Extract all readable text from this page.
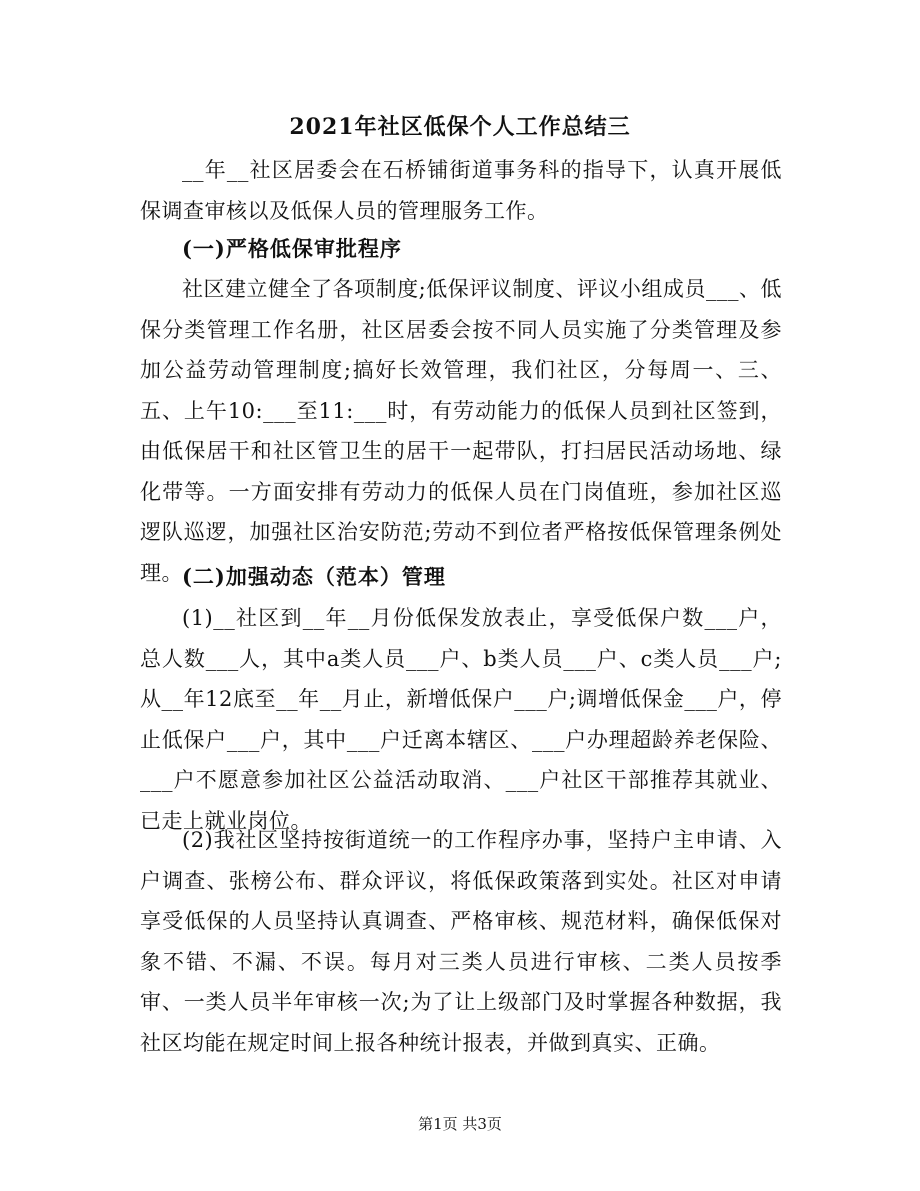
2021年社区低保个人工作总结三
__年__社区居委会在石桥铺街道事务科的指导下，认真开展低保调查审核以及低保人员的管理服务工作。
(一)严格低保审批程序
社区建立健全了各项制度;低保评议制度、评议小组成员___、低保分类管理工作名册，社区居委会按不同人员实施了分类管理及参加公益劳动管理制度;搞好长效管理，我们社区，分每周一、三、五、上午10:___至11:___时，有劳动能力的低保人员到社区签到，由低保居干和社区管卫生的居干一起带队，打扫居民活动场地、绿化带等。一方面安排有劳动力的低保人员在门岗值班，参加社区巡逻队巡逻，加强社区治安防范;劳动不到位者严格按低保管理条例处理。 (二)加强动态（范本）管理
(1)__社区到__年__月份低保发放表止，享受低保户数___户，总人数___人，其中a类人员___户、b类人员___户、c类人员___户;从__年12底至__年__月止，新增低保户___户;调增低保金___户，停止低保户___户，其中___户迁离本辖区、___户办理超龄养老保险、___户不愿意参加社区公益活动取消、___户社区干部推荐其就业、已走上就业岗位。
(2)我社区坚持按街道统一的工作程序办事，坚持户主申请、入户调查、张榜公布、群众评议，将低保政策落到实处。社区对申请享受低保的人员坚持认真调查、严格审核、规范材料，确保低保对象不错、不漏、不误。每月对三类人员进行审核、二类人员按季审、一类人员半年审核一次;为了让上级部门及时掌握各种数据，我社区均能在规定时间上报各种统计报表，并做到真实、正确。
第1页 共3页
